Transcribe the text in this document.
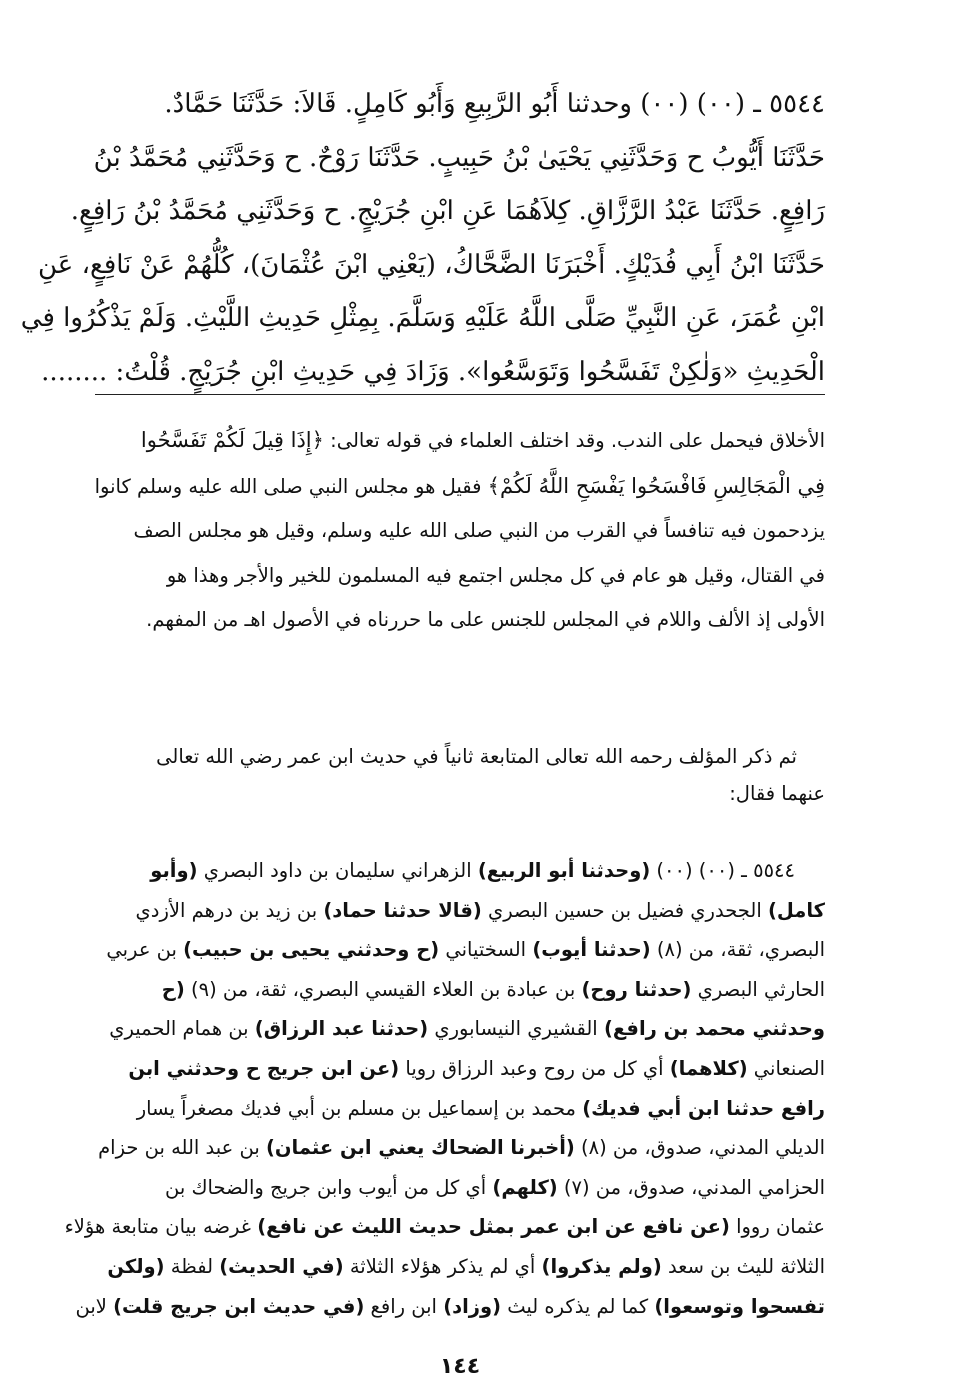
٥٥٤٤ ـ (٠٠) (٠٠) وحدثنا أَبُو الرَّبِيعِ وَأَبُو كَامِلٍ. قَالاَ: حَدَّثَنَا حَمَّادٌ.
حَدَّثَنَا أَيُّوبُ ح وَحَدَّثَنِي يَحْيَىٰ بْنُ حَبِيبٍ. حَدَّثَنَا رَوْحٌ. ح وَحَدَّثَنِي مُحَمَّدُ بْنُ
رَافِعٍ. حَدَّثَنَا عَبْدُ الرَّزَّاقِ. كِلاَهُمَا عَنِ ابْنِ جُرَيْجٍ. ح وَحَدَّثَنِي مُحَمَّدُ بْنُ رَافِعٍ.
حَدَّثَنَا ابْنُ أَبِي فُدَيْكٍ. أَخْبَرَنَا الضَّحَّاكُ، (يَعْنِي ابْنَ عُثْمَانَ)، كُلُّهُمْ عَنْ نَافِعٍ، عَنِ
ابْنِ عُمَرَ، عَنِ النَّبِيِّ صَلَّى اللَّهُ عَلَيْهِ وَسَلَّمَ. بِمِثْلِ حَدِيثِ اللَّيْثِ. وَلَمْ يَذْكُرُوا فِي
الْحَدِيثِ «وَلٰكِنْ تَفَسَّحُوا وَتَوَسَّعُوا». وَزَادَ فِي حَدِيثِ ابْنِ جُرَيْجٍ. قُلْتُ: ........
الأخلاق فيحمل على الندب. وقد اختلف العلماء في قوله تعالى: ﴿إِذَا قِيلَ لَكُمْ تَفَسَّحُوا
فِي الْمَجَالِسِ فَافْسَحُوا يَفْسَحِ اللَّهُ لَكُمْ﴾ فقيل هو مجلس النبي صلى الله عليه وسلم كانوا
يزدحمون فيه تنافساً في القرب من النبي صلى الله عليه وسلم، وقيل هو مجلس الصف
في القتال، وقيل هو عام في كل مجلس اجتمع فيه المسلمون للخير والأجر وهذا هو
الأولى إذ الألف واللام في المجلس للجنس على ما حررناه في الأصول اهـ من المفهم.
ثم ذكر المؤلف رحمه الله تعالى المتابعة ثانياً في حديث ابن عمر رضي الله تعالى
عنهما فقال:
٥٥٤٤ ـ (٠٠) (٠٠) (وحدثنا أبو الربيع) الزهراني سليمان بن داود البصري (وأبو
كامل) الجحدري فضيل بن حسين البصري (قالا حدثنا حماد) بن زيد بن درهم الأزدي
البصري، ثقة، من (٨) (حدثنا أيوب) السختياني (ح وحدثني يحيى بن حبيب) بن عربي
الحارثي البصري (حدثنا روح) بن عبادة بن العلاء القيسي البصري، ثقة، من (٩) (ح
وحدثني محمد بن رافع) القشيري النيسابوري (حدثنا عبد الرزاق) بن همام الحميري
الصنعاني (كلاهما) أي كل من روح وعبد الرزاق رويا (عن ابن جريج ح وحدثني ابن
رافع حدثنا ابن أبي فديك) محمد بن إسماعيل بن مسلم بن أبي فديك مصغراً يسار
الديلي المدني، صدوق، من (٨) (أخبرنا الضحاك يعني ابن عثمان) بن عبد الله بن حزام
الحزامي المدني، صدوق، من (٧) (كلهم) أي كل من أيوب وابن جريج والضحاك بن
عثمان رووا (عن نافع عن ابن عمر بمثل حديث الليث عن نافع) غرضه بيان متابعة هؤلاء
الثلاثة لليث بن سعد (ولم يذكروا) أي لم يذكر هؤلاء الثلاثة (في الحديث) لفظة (ولكن
تفسحوا وتوسعوا) كما لم يذكره ليث (وزاد) ابن رافع (في حديث ابن جريج قلت) لابن
١٤٤
